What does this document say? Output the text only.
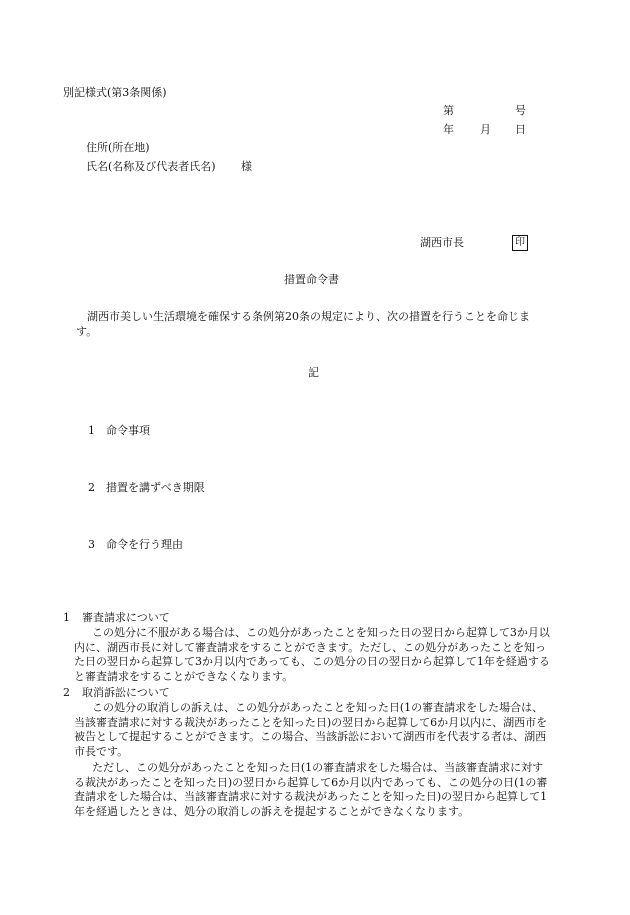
別記様式(第3条関係)
第	号
年 月 日
住所(所在地)
氏名(名称及び代表者氏名) 様
湖西市長	印
措置命令書
湖西市美しい生活環境を確保する条例第20条の規定により、次の措置を行うことを命じます。
記
1 命令事項
2 措置を講ずべき期限
3 命令を行う理由
1 審査請求について
この処分に不服がある場合は、この処分があったことを知った日の翌日から起算して3か月以内に、湖西市長に対して審査請求をすることができます。ただし、この処分があったことを知った日の翌日から起算して3か月以内であっても、この処分の日の翌日から起算して1年を経過すると審査請求をすることができなくなります。
2 取消訴訟について
この処分の取消しの訴えは、この処分があったことを知った日(1の審査請求をした場合は、当該審査請求に対する裁決があったことを知った日)の翌日から起算して6か月以内に、湖西市を被告として提起することができます。この場合、当該訴訟において湖西市を代表する者は、湖西市長です。
ただし、この処分があったことを知った日(1の審査請求をした場合は、当該審査請求に対する裁決があったことを知った日)の翌日から起算して6か月以内であっても、この処分の日(1の審査請求をした場合は、当該審査請求に対する裁決があったことを知った日)の翌日から起算して1年を経過したときは、処分の取消しの訴えを提起することができなくなります。
